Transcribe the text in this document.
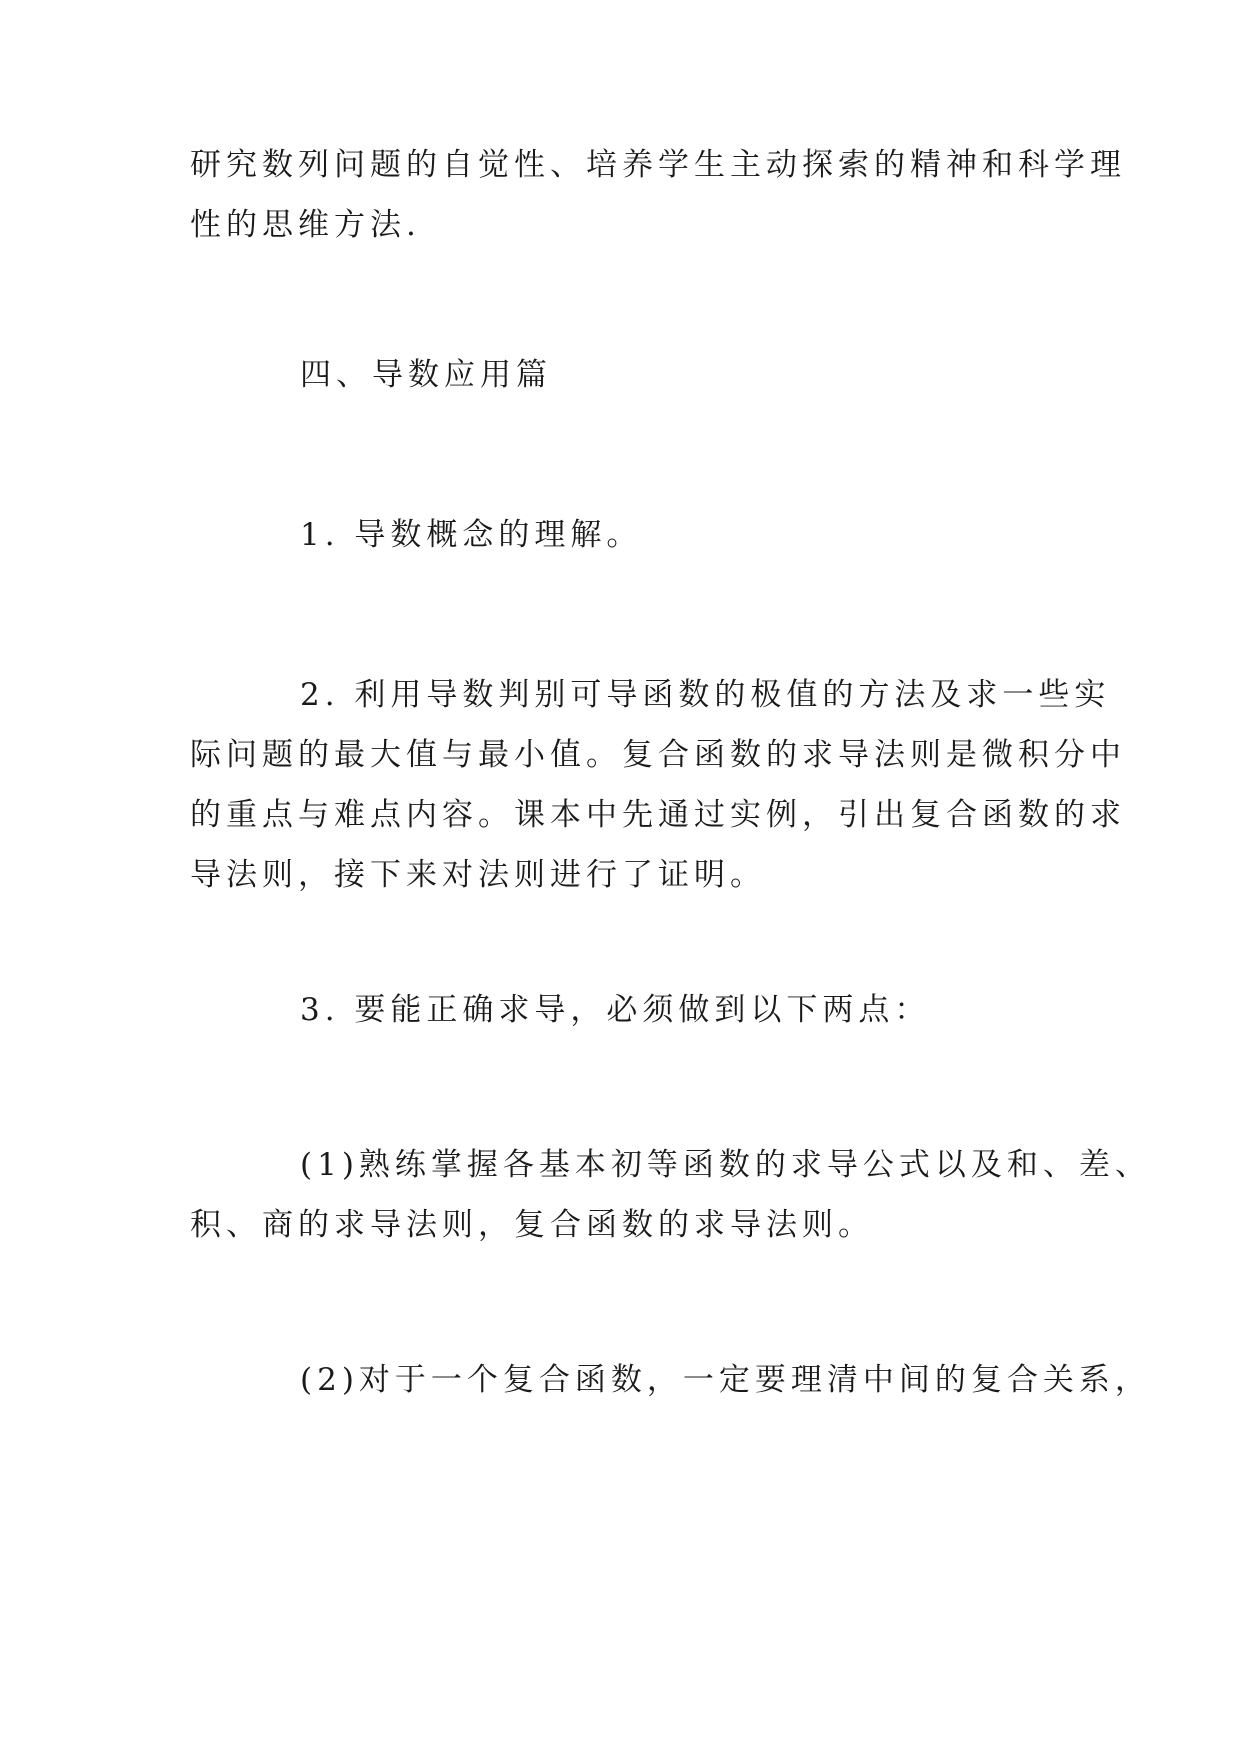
研究数列问题的自觉性、培养学生主动探索的精神和科学理
性的思维方法.

四、导数应用篇

1. 导数概念的理解。

2. 利用导数判别可导函数的极值的方法及求一些实
际问题的最大值与最小值。复合函数的求导法则是微积分中
的重点与难点内容。课本中先通过实例，引出复合函数的求
导法则，接下来对法则进行了证明。

3. 要能正确求导，必须做到以下两点：

(1)熟练掌握各基本初等函数的求导公式以及和、差、
积、商的求导法则，复合函数的求导法则。

(2)对于一个复合函数，一定要理清中间的复合关系，
